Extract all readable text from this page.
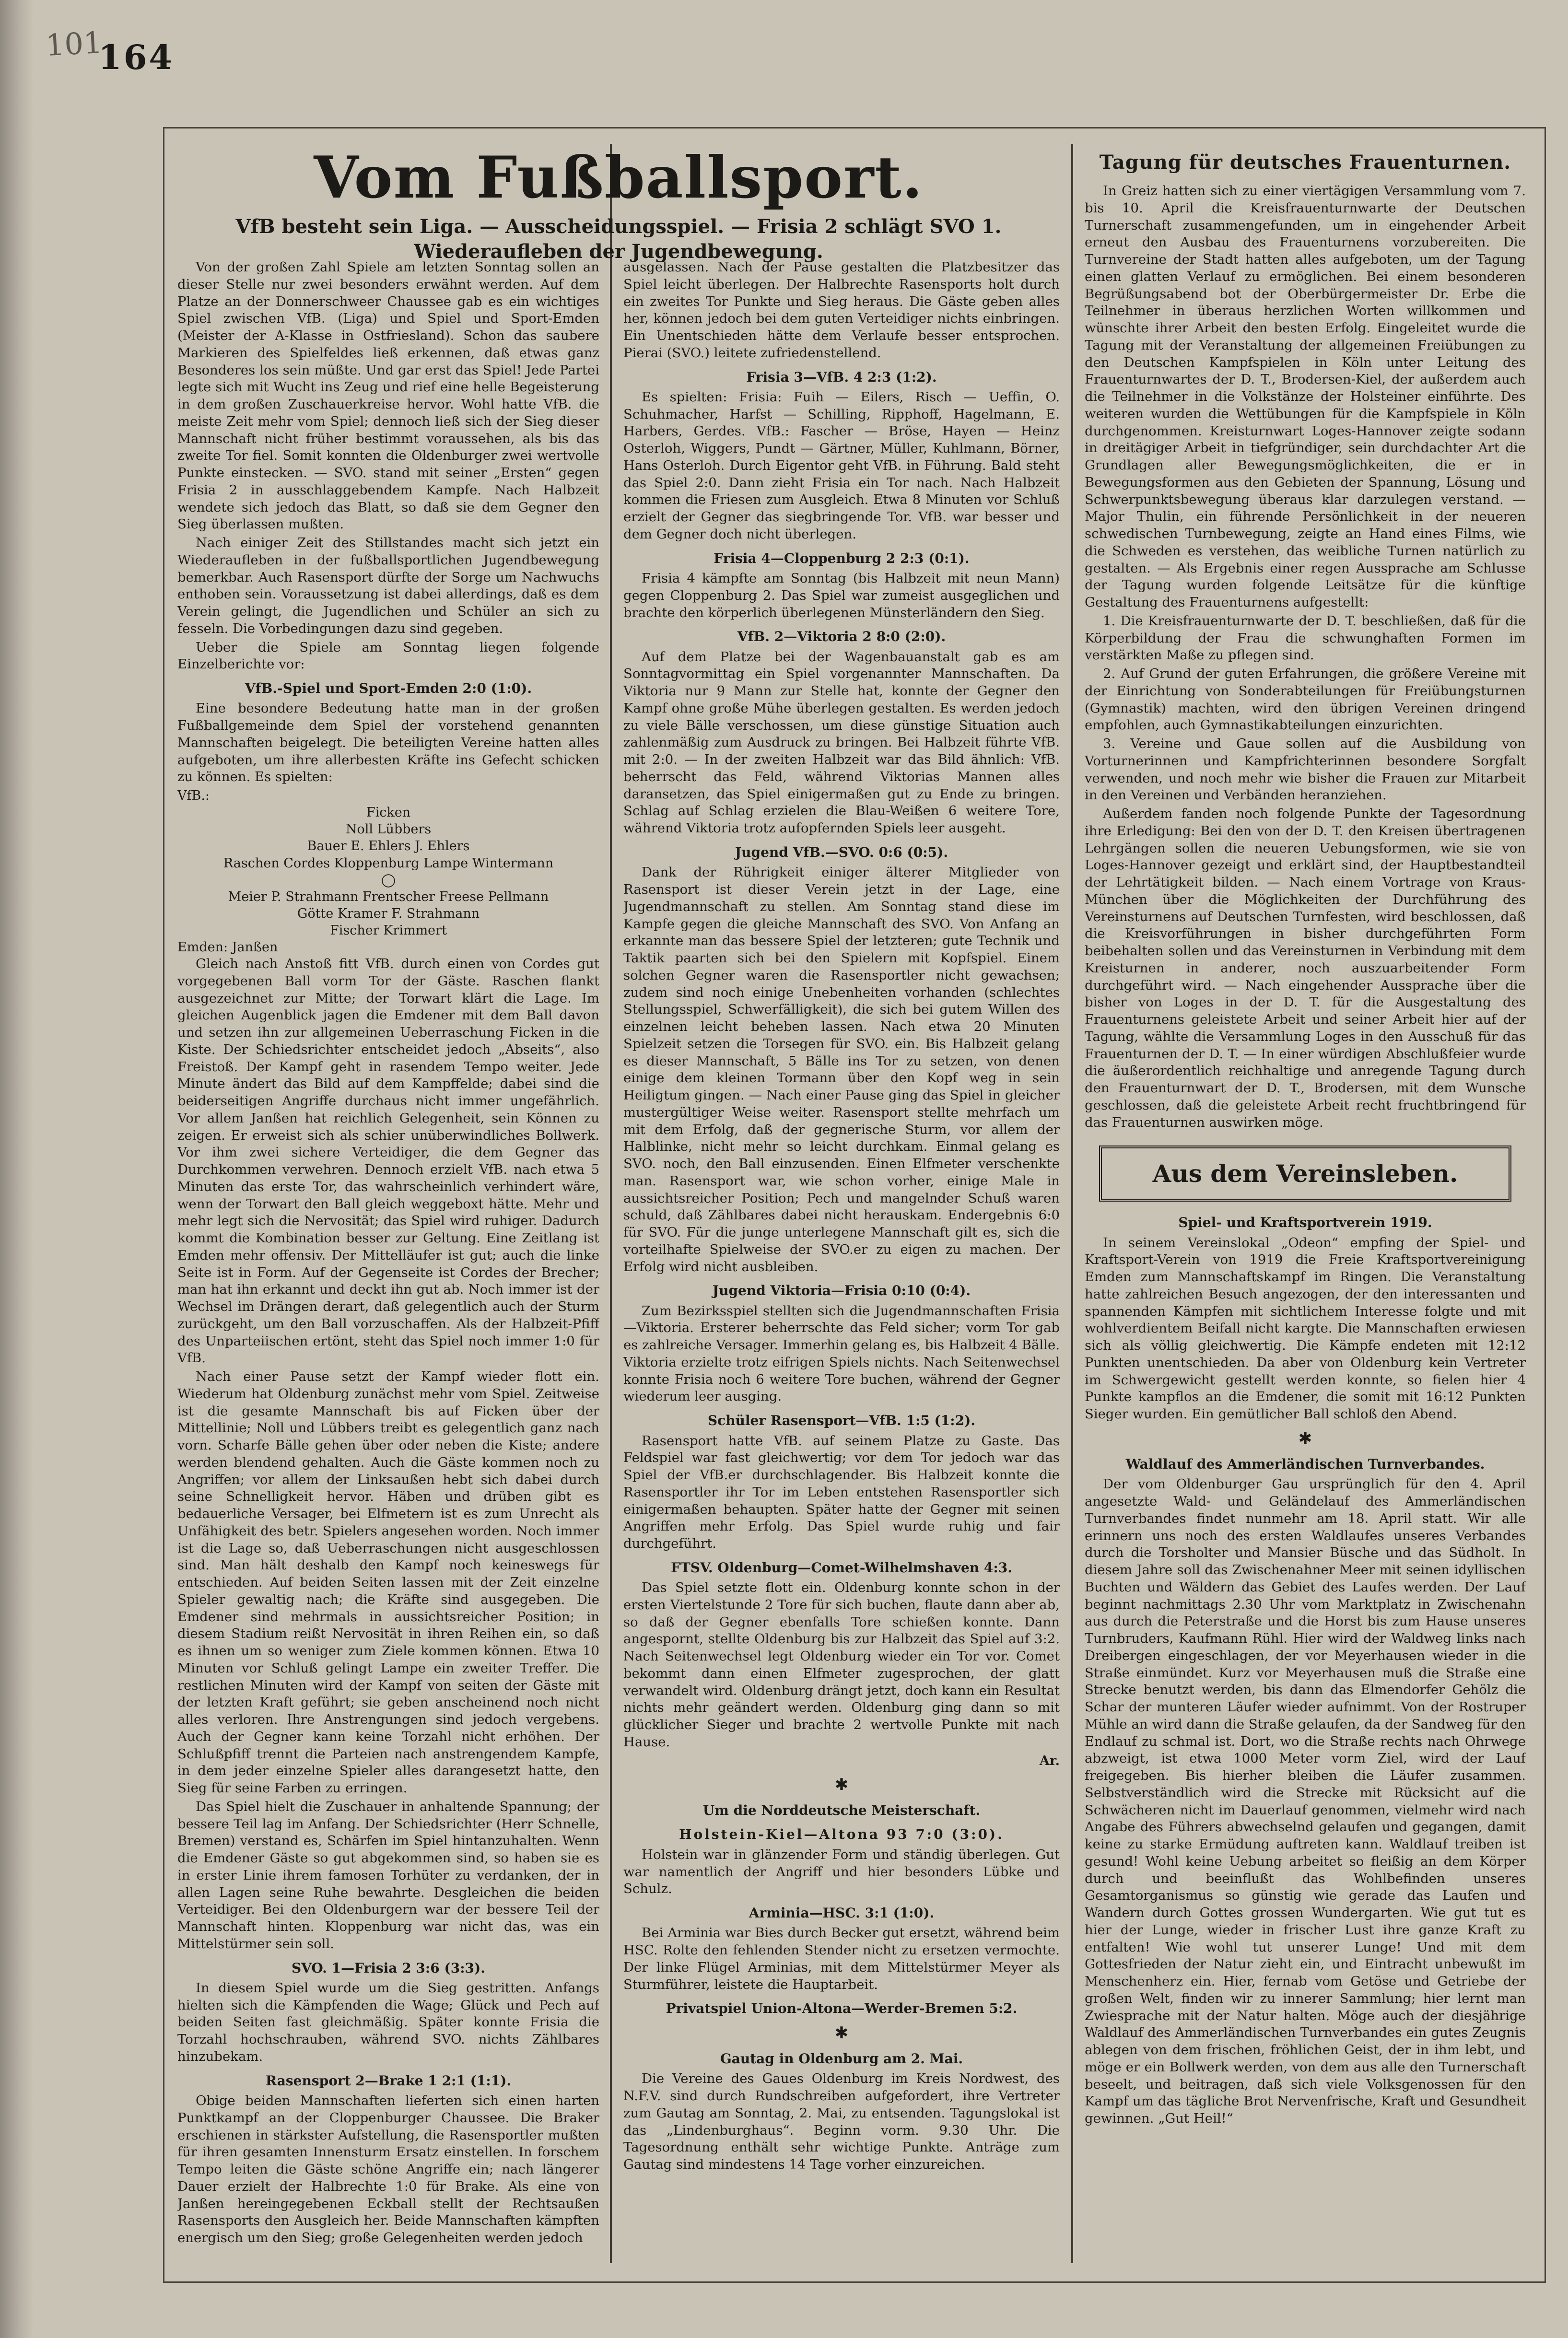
101
164
Vom Fußballsport.
VfB besteht sein Liga. — Ausscheidungsspiel. — Frisia 2 schlägt SVO 1. Wiederaufleben der Jugendbewegung.

Von der großen Zahl Spiele am letzten Sonntag sollen an dieser Stelle nur zwei besonders erwähnt werden. Auf dem Platze an der Donnerschweer Chaussee gab es ein wichtiges Spiel zwischen VfB. (Liga) und Spiel und Sport-Emden (Meister der A-Klasse in Ostfriesland). Schon das saubere Markieren des Spielfeldes ließ erkennen, daß etwas ganz Besonderes los sein müßte. Und gar erst das Spiel! Jede Partei legte sich mit Wucht ins Zeug und rief eine helle Begeisterung in dem großen Zuschauerkreise hervor. Wohl hatte VfB. die meiste Zeit mehr vom Spiel; dennoch ließ sich der Sieg dieser Mannschaft nicht früher bestimmt voraussehen, als bis das zweite Tor fiel. Somit konnten die Oldenburger zwei wertvolle Punkte einstecken. — SVO. stand mit seiner „Ersten“ gegen Frisia 2 in ausschlaggebendem Kampfe. Nach Halbzeit wendete sich jedoch das Blatt, so daß sie dem Gegner den Sieg überlassen mußten.

Nach einiger Zeit des Stillstandes macht sich jetzt ein Wiederaufleben in der fußballsportlichen Jugendbewegung bemerkbar. Auch Rasensport dürfte der Sorge um Nachwuchs enthoben sein. Voraussetzung ist dabei allerdings, daß es dem Verein gelingt, die Jugendlichen und Schüler an sich zu fesseln. Die Vorbedingungen dazu sind gegeben.

Ueber die Spiele am Sonntag liegen folgende Einzelberichte vor:

VfB.-Spiel und Sport-Emden 2:0 (1:0).

Eine besondere Bedeutung hatte man in der großen Fußballgemeinde dem Spiel der vorstehend genannten Mannschaften beigelegt. Die beteiligten Vereine hatten alles aufgeboten, um ihre allerbesten Kräfte ins Gefecht schicken zu können. Es spielten:

VfB.:
Ficken
Noll Lübbers
Bauer E. Ehlers J. Ehlers
Raschen Cordes Kloppenburg Lampe Wintermann
◯
Meier P. Strahmann Frentscher Freese Pellmann
Götte Kramer F. Strahmann
Fischer Krimmert
Emden: Janßen

Gleich nach Anstoß fitt VfB. durch einen von Cordes gut vorgegebenen Ball vorm Tor der Gäste. Raschen flankt ausgezeichnet zur Mitte; der Torwart klärt die Lage. Im gleichen Augenblick jagen die Emdener mit dem Ball davon und setzen ihn zur allgemeinen Ueberraschung Ficken in die Kiste. Der Schiedsrichter entscheidet jedoch „Abseits“, also Freistoß. Der Kampf geht in rasendem Tempo weiter. Jede Minute ändert das Bild auf dem Kampffelde; dabei sind die beiderseitigen Angriffe durchaus nicht immer ungefährlich. Vor allem Janßen hat reichlich Gelegenheit, sein Können zu zeigen. Er erweist sich als schier unüberwindliches Bollwerk. Vor ihm zwei sichere Verteidiger, die dem Gegner das Durchkommen verwehren. Dennoch erzielt VfB. nach etwa 5 Minuten das erste Tor, das wahrscheinlich verhindert wäre, wenn der Torwart den Ball gleich weggeboxt hätte. Mehr und mehr legt sich die Nervosität; das Spiel wird ruhiger. Dadurch kommt die Kombination besser zur Geltung. Eine Zeitlang ist Emden mehr offensiv. Der Mittelläufer ist gut; auch die linke Seite ist in Form. Auf der Gegenseite ist Cordes der Brecher; man hat ihn erkannt und deckt ihn gut ab. Noch immer ist der Wechsel im Drängen derart, daß gelegentlich auch der Sturm zurückgeht, um den Ball vorzuschaffen. Als der Halbzeit-Pfiff des Unparteiischen ertönt, steht das Spiel noch immer 1:0 für VfB.

Nach einer Pause setzt der Kampf wieder flott ein. Wiederum hat Oldenburg zunächst mehr vom Spiel. Zeitweise ist die gesamte Mannschaft bis auf Ficken über der Mittellinie; Noll und Lübbers treibt es gelegentlich ganz nach vorn. Scharfe Bälle gehen über oder neben die Kiste; andere werden blendend gehalten. Auch die Gäste kommen noch zu Angriffen; vor allem der Linksaußen hebt sich dabei durch seine Schnelligkeit hervor. Häben und drüben gibt es bedauerliche Versager, bei Elfmetern ist es zum Unrecht als Unfähigkeit des betr. Spielers angesehen worden. Noch immer ist die Lage so, daß Ueberraschungen nicht ausgeschlossen sind. Man hält deshalb den Kampf noch keineswegs für entschieden. Auf beiden Seiten lassen mit der Zeit einzelne Spieler gewaltig nach; die Kräfte sind ausgegeben. Die Emdener sind mehrmals in aussichtsreicher Position; in diesem Stadium reißt Nervosität in ihren Reihen ein, so daß es ihnen um so weniger zum Ziele kommen können. Etwa 10 Minuten vor Schluß gelingt Lampe ein zweiter Treffer. Die restlichen Minuten wird der Kampf von seiten der Gäste mit der letzten Kraft geführt; sie geben anscheinend noch nicht alles verloren. Ihre Anstrengungen sind jedoch vergebens. Auch der Gegner kann keine Torzahl nicht erhöhen. Der Schlußpfiff trennt die Parteien nach anstrengendem Kampfe, in dem jeder einzelne Spieler alles darangesetzt hatte, den Sieg für seine Farben zu erringen.

Das Spiel hielt die Zuschauer in anhaltende Spannung; der bessere Teil lag im Anfang. Der Schiedsrichter (Herr Schnelle, Bremen) verstand es, Schärfen im Spiel hintanzuhalten. Wenn die Emdener Gäste so gut abgekommen sind, so haben sie es in erster Linie ihrem famosen Torhüter zu verdanken, der in allen Lagen seine Ruhe bewahrte. Desgleichen die beiden Verteidiger. Bei den Oldenburgern war der bessere Teil der Mannschaft hinten. Kloppenburg war nicht das, was ein Mittelstürmer sein soll.

SVO. 1—Frisia 2 3:6 (3:3).

In diesem Spiel wurde um die Sieg gestritten. Anfangs hielten sich die Kämpfenden die Wage; Glück und Pech auf beiden Seiten fast gleichmäßig. Später konnte Frisia die Torzahl hochschrauben, während SVO. nichts Zählbares hinzubekam.

Rasensport 2—Brake 1 2:1 (1:1).

Obige beiden Mannschaften lieferten sich einen harten Punktkampf an der Cloppenburger Chaussee. Die Braker erschienen in stärkster Aufstellung, die Rasensportler mußten für ihren gesamten Innensturm Ersatz einstellen. In forschem Tempo leiten die Gäste schöne Angriffe ein; nach längerer Dauer erzielt der Halbrechte 1:0 für Brake. Als eine von Janßen hereingegebenen Eckball stellt der Rechtsaußen Rasensports den Ausgleich her. Beide Mannschaften kämpften energisch um den Sieg; große Gelegenheiten werden jedoch

ausgelassen. Nach der Pause gestalten die Platzbesitzer das Spiel leicht überlegen. Der Halbrechte Rasensports holt durch ein zweites Tor Punkte und Sieg heraus. Die Gäste geben alles her, können jedoch bei dem guten Verteidiger nichts einbringen. Ein Unentschieden hätte dem Verlaufe besser entsprochen. Pierai (SVO.) leitete zufriedenstellend.

Frisia 3—VfB. 4 2:3 (1:2).

Es spielten: Frisia: Fuih — Eilers, Risch — Ueffin, O. Schuhmacher, Harfst — Schilling, Ripphoff, Hagelmann, E. Harbers, Gerdes. VfB.: Fascher — Bröse, Hayen — Heinz Osterloh, Wiggers, Pundt — Gärtner, Müller, Kuhlmann, Börner, Hans Osterloh. Durch Eigentor geht VfB. in Führung. Bald steht das Spiel 2:0. Dann zieht Frisia ein Tor nach. Nach Halbzeit kommen die Friesen zum Ausgleich. Etwa 8 Minuten vor Schluß erzielt der Gegner das siegbringende Tor. VfB. war besser und dem Gegner doch nicht überlegen.

Frisia 4—Cloppenburg 2 2:3 (0:1).

Frisia 4 kämpfte am Sonntag (bis Halbzeit mit neun Mann) gegen Cloppenburg 2. Das Spiel war zumeist ausgeglichen und brachte den körperlich überlegenen Münsterländern den Sieg.

VfB. 2—Viktoria 2 8:0 (2:0).

Auf dem Platze bei der Wagenbauanstalt gab es am Sonntagvormittag ein Spiel vorgenannter Mannschaften. Da Viktoria nur 9 Mann zur Stelle hat, konnte der Gegner den Kampf ohne große Mühe überlegen gestalten. Es werden jedoch zu viele Bälle verschossen, um diese günstige Situation auch zahlenmäßig zum Ausdruck zu bringen. Bei Halbzeit führte VfB. mit 2:0. — In der zweiten Halbzeit war das Bild ähnlich: VfB. beherrscht das Feld, während Viktorias Mannen alles daransetzen, das Spiel einigermaßen gut zu Ende zu bringen. Schlag auf Schlag erzielen die Blau-Weißen 6 weitere Tore, während Viktoria trotz aufopfernden Spiels leer ausgeht.

Jugend VfB.—SVO. 0:6 (0:5).

Dank der Rührigkeit einiger älterer Mitglieder von Rasensport ist dieser Verein jetzt in der Lage, eine Jugendmannschaft zu stellen. Am Sonntag stand diese im Kampfe gegen die gleiche Mannschaft des SVO. Von Anfang an erkannte man das bessere Spiel der letzteren; gute Technik und Taktik paarten sich bei den Spielern mit Kopfspiel. Einem solchen Gegner waren die Rasensportler nicht gewachsen; zudem sind noch einige Unebenheiten vorhanden (schlechtes Stellungsspiel, Schwerfälligkeit), die sich bei gutem Willen des einzelnen leicht beheben lassen. Nach etwa 20 Minuten Spielzeit setzen die Torsegen für SVO. ein. Bis Halbzeit gelang es dieser Mannschaft, 5 Bälle ins Tor zu setzen, von denen einige dem kleinen Tormann über den Kopf weg in sein Heiligtum gingen. — Nach einer Pause ging das Spiel in gleicher mustergültiger Weise weiter. Rasensport stellte mehrfach um mit dem Erfolg, daß der gegnerische Sturm, vor allem der Halblinke, nicht mehr so leicht durchkam. Einmal gelang es SVO. noch, den Ball einzusenden. Einen Elfmeter verschenkte man. Rasensport war, wie schon vorher, einige Male in aussichtsreicher Position; Pech und mangelnder Schuß waren schuld, daß Zählbares dabei nicht herauskam. Endergebnis 6:0 für SVO. Für die junge unterlegene Mannschaft gilt es, sich die vorteilhafte Spielweise der SVO.er zu eigen zu machen. Der Erfolg wird nicht ausbleiben.

Jugend Viktoria—Frisia 0:10 (0:4).

Zum Bezirksspiel stellten sich die Jugendmannschaften Frisia—Viktoria. Ersterer beherrschte das Feld sicher; vorm Tor gab es zahlreiche Versager. Immerhin gelang es, bis Halbzeit 4 Bälle. Viktoria erzielte trotz eifrigen Spiels nichts. Nach Seitenwechsel konnte Frisia noch 6 weitere Tore buchen, während der Gegner wiederum leer ausging.

Schüler Rasensport—VfB. 1:5 (1:2).

Rasensport hatte VfB. auf seinem Platze zu Gaste. Das Feldspiel war fast gleichwertig; vor dem Tor jedoch war das Spiel der VfB.er durchschlagender. Bis Halbzeit konnte die Rasensportler ihr Tor im Leben entstehen Rasensportler sich einigermaßen behaupten. Später hatte der Gegner mit seinen Angriffen mehr Erfolg. Das Spiel wurde ruhig und fair durchgeführt.

FTSV. Oldenburg—Comet-Wilhelmshaven 4:3.

Das Spiel setzte flott ein. Oldenburg konnte schon in der ersten Viertelstunde 2 Tore für sich buchen, flaute dann aber ab, so daß der Gegner ebenfalls Tore schießen konnte. Dann angespornt, stellte Oldenburg bis zur Halbzeit das Spiel auf 3:2. Nach Seitenwechsel legt Oldenburg wieder ein Tor vor. Comet bekommt dann einen Elfmeter zugesprochen, der glatt verwandelt wird. Oldenburg drängt jetzt, doch kann ein Resultat nichts mehr geändert werden. Oldenburg ging dann so mit glücklicher Sieger und brachte 2 wertvolle Punkte mit nach Hause.

Ar.
✱
Um die Norddeutsche Meisterschaft.
Holstein-Kiel—Altona 93 7:0 (3:0).

Holstein war in glänzender Form und ständig überlegen. Gut war namentlich der Angriff und hier besonders Lübke und Schulz.

Arminia—HSC. 3:1 (1:0).

Bei Arminia war Bies durch Becker gut ersetzt, während beim HSC. Rolte den fehlenden Stender nicht zu ersetzen vermochte. Der linke Flügel Arminias, mit dem Mittelstürmer Meyer als Sturmführer, leistete die Hauptarbeit.

Privatspiel Union-Altona—Werder-Bremen 5:2.
✱
Gautag in Oldenburg am 2. Mai.

Die Vereine des Gaues Oldenburg im Kreis Nordwest, des N.F.V. sind durch Rundschreiben aufgefordert, ihre Vertreter zum Gautag am Sonntag, 2. Mai, zu entsenden. Tagungslokal ist das „Lindenburghaus“. Beginn vorm. 9.30 Uhr. Die Tagesordnung enthält sehr wichtige Punkte. Anträge zum Gautag sind mindestens 14 Tage vorher einzureichen.

Tagung für deutsches Frauenturnen.

In Greiz hatten sich zu einer viertägigen Versammlung vom 7. bis 10. April die Kreisfrauenturnwarte der Deutschen Turnerschaft zusammengefunden, um in eingehender Arbeit erneut den Ausbau des Frauenturnens vorzubereiten. Die Turnvereine der Stadt hatten alles aufgeboten, um der Tagung einen glatten Verlauf zu ermöglichen. Bei einem besonderen Begrüßungsabend bot der Oberbürgermeister Dr. Erbe die Teilnehmer in überaus herzlichen Worten willkommen und wünschte ihrer Arbeit den besten Erfolg. Eingeleitet wurde die Tagung mit der Veranstaltung der allgemeinen Freiübungen zu den Deutschen Kampfspielen in Köln unter Leitung des Frauenturnwartes der D. T., Brodersen-Kiel, der außerdem auch die Teilnehmer in die Volkstänze der Holsteiner einführte. Des weiteren wurden die Wettübungen für die Kampfspiele in Köln durchgenommen. Kreisturnwart Loges-Hannover zeigte sodann in dreitägiger Arbeit in tiefgründiger, sein durchdachter Art die Grundlagen aller Bewegungsmöglichkeiten, die er in Bewegungsformen aus den Gebieten der Spannung, Lösung und Schwerpunktsbewegung überaus klar darzulegen verstand. — Major Thulin, ein führende Persönlichkeit in der neueren schwedischen Turnbewegung, zeigte an Hand eines Films, wie die Schweden es verstehen, das weibliche Turnen natürlich zu gestalten. — Als Ergebnis einer regen Aussprache am Schlusse der Tagung wurden folgende Leitsätze für die künftige Gestaltung des Frauenturnens aufgestellt:

1. Die Kreisfrauenturnwarte der D. T. beschließen, daß für die Körperbildung der Frau die schwunghaften Formen im verstärkten Maße zu pflegen sind.

2. Auf Grund der guten Erfahrungen, die größere Vereine mit der Einrichtung von Sonderabteilungen für Freiübungsturnen (Gymnastik) machten, wird den übrigen Vereinen dringend empfohlen, auch Gymnastikabteilungen einzurichten.

3. Vereine und Gaue sollen auf die Ausbildung von Vorturnerinnen und Kampfrichterinnen besondere Sorgfalt verwenden, und noch mehr wie bisher die Frauen zur Mitarbeit in den Vereinen und Verbänden heranziehen.

Außerdem fanden noch folgende Punkte der Tagesordnung ihre Erledigung: Bei den von der D. T. den Kreisen übertragenen Lehrgängen sollen die neueren Uebungsformen, wie sie von Loges-Hannover gezeigt und erklärt sind, der Hauptbestandteil der Lehrtätigkeit bilden. — Nach einem Vortrage von Kraus-München über die Möglichkeiten der Durchführung des Vereinsturnens auf Deutschen Turnfesten, wird beschlossen, daß die Kreisvorführungen in bisher durchgeführten Form beibehalten sollen und das Vereinsturnen in Verbindung mit dem Kreisturnen in anderer, noch auszuarbeitender Form durchgeführt wird. — Nach eingehender Aussprache über die bisher von Loges in der D. T. für die Ausgestaltung des Frauenturnens geleistete Arbeit und seiner Arbeit hier auf der Tagung, wählte die Versammlung Loges in den Ausschuß für das Frauenturnen der D. T. — In einer würdigen Abschlußfeier wurde die äußerordentlich reichhaltige und anregende Tagung durch den Frauenturnwart der D. T., Brodersen, mit dem Wunsche geschlossen, daß die geleistete Arbeit recht fruchtbringend für das Frauenturnen auswirken möge.

Aus dem Vereinsleben.
Spiel- und Kraftsportverein 1919.

In seinem Vereinslokal „Odeon“ empfing der Spiel- und Kraftsport-Verein von 1919 die Freie Kraftsportvereinigung Emden zum Mannschaftskampf im Ringen. Die Veranstaltung hatte zahlreichen Besuch angezogen, der den interessanten und spannenden Kämpfen mit sichtlichem Interesse folgte und mit wohlverdientem Beifall nicht kargte. Die Mannschaften erwiesen sich als völlig gleichwertig. Die Kämpfe endeten mit 12:12 Punkten unentschieden. Da aber von Oldenburg kein Vertreter im Schwergewicht gestellt werden konnte, so fielen hier 4 Punkte kampflos an die Emdener, die somit mit 16:12 Punkten Sieger wurden. Ein gemütlicher Ball schloß den Abend.

✱
Waldlauf des Ammerländischen Turnverbandes.

Der vom Oldenburger Gau ursprünglich für den 4. April angesetzte Wald- und Geländelauf des Ammerländischen Turnverbandes findet nunmehr am 18. April statt. Wir alle erinnern uns noch des ersten Waldlaufes unseres Verbandes durch die Torsholter und Mansier Büsche und das Südholt. In diesem Jahre soll das Zwischenahner Meer mit seinen idyllischen Buchten und Wäldern das Gebiet des Laufes werden. Der Lauf beginnt nachmittags 2.30 Uhr vom Marktplatz in Zwischenahn aus durch die Peterstraße und die Horst bis zum Hause unseres Turnbruders, Kaufmann Rühl. Hier wird der Waldweg links nach Dreibergen eingeschlagen, der vor Meyerhausen wieder in die Straße einmündet. Kurz vor Meyerhausen muß die Straße eine Strecke benutzt werden, bis dann das Elmendorfer Gehölz die Schar der munteren Läufer wieder aufnimmt. Von der Rostruper Mühle an wird dann die Straße gelaufen, da der Sandweg für den Endlauf zu schmal ist. Dort, wo die Straße rechts nach Ohrwege abzweigt, ist etwa 1000 Meter vorm Ziel, wird der Lauf freigegeben. Bis hierher bleiben die Läufer zusammen. Selbstverständlich wird die Strecke mit Rücksicht auf die Schwächeren nicht im Dauerlauf genommen, vielmehr wird nach Angabe des Führers abwechselnd gelaufen und gegangen, damit keine zu starke Ermüdung auftreten kann. Waldlauf treiben ist gesund! Wohl keine Uebung arbeitet so fleißig an dem Körper durch und beeinflußt das Wohlbefinden unseres Gesamtorganismus so günstig wie gerade das Laufen und Wandern durch Gottes grossen Wundergarten. Wie gut tut es hier der Lunge, wieder in frischer Lust ihre ganze Kraft zu entfalten! Wie wohl tut unserer Lunge! Und mit dem Gottesfrieden der Natur zieht ein, und Eintracht unbewußt im Menschenherz ein. Hier, fernab vom Getöse und Getriebe der großen Welt, finden wir zu innerer Sammlung; hier lernt man Zwiesprache mit der Natur halten. Möge auch der diesjährige Waldlauf des Ammerländischen Turnverbandes ein gutes Zeugnis ablegen von dem frischen, fröhlichen Geist, der in ihm lebt, und möge er ein Bollwerk werden, von dem aus alle den Turnerschaft beseelt, und beitragen, daß sich viele Volksgenossen für den Kampf um das tägliche Brot Nervenfrische, Kraft und Gesundheit gewinnen. „Gut Heil!“
